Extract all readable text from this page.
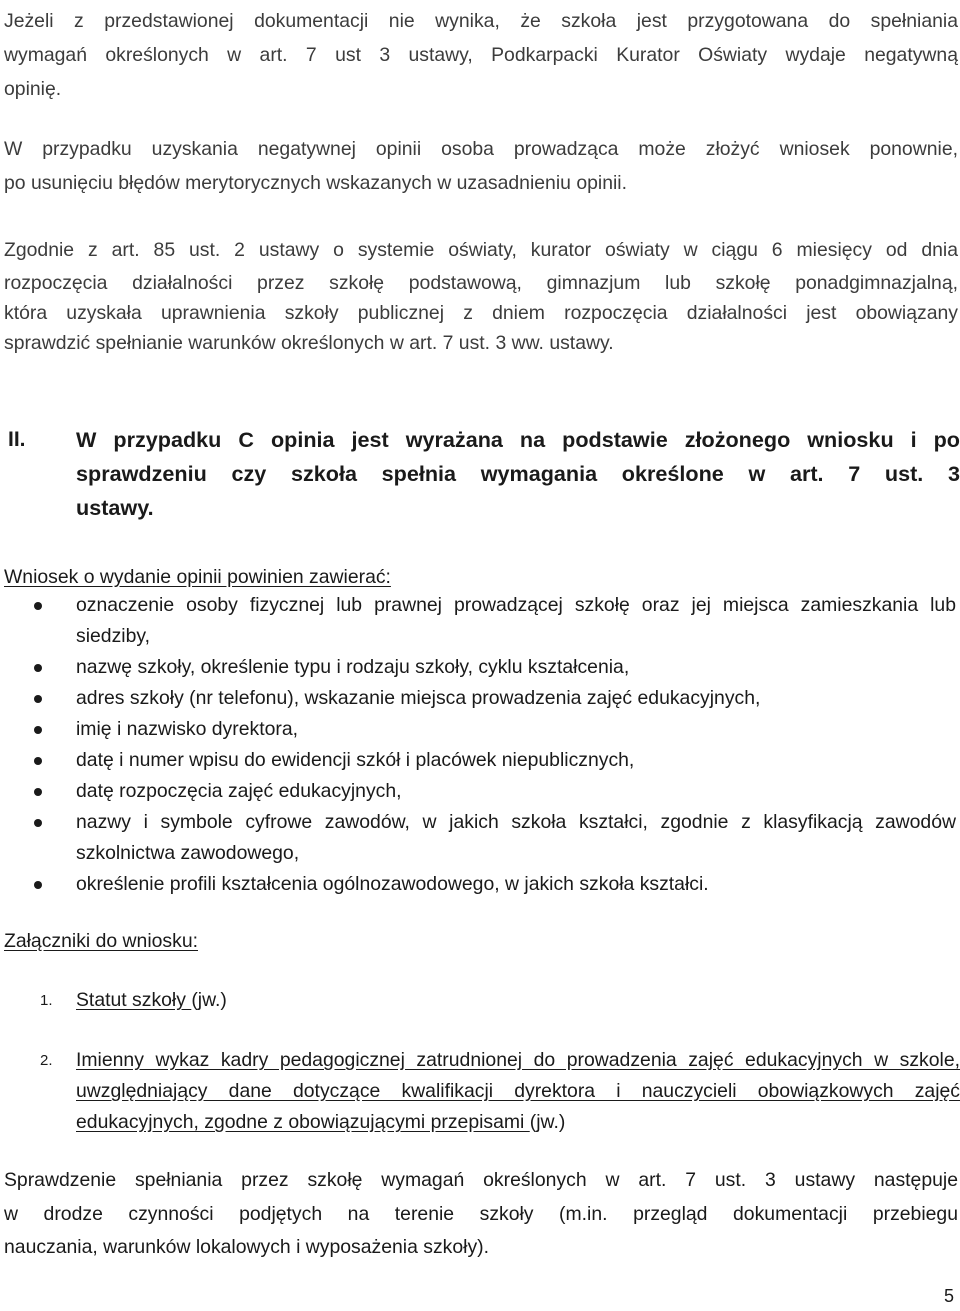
Jeżeli z przedstawionej dokumentacji nie wynika, że szkoła jest przygotowana do spełniania

wymagań określonych w art. 7 ust 3 ustawy, Podkarpacki Kurator Oświaty wydaje negatywną

opinię.

W przypadku uzyskania negatywnej opinii osoba prowadząca może złożyć wniosek ponownie,

po usunięciu błędów merytorycznych wskazanych w uzasadnieniu opinii.

Zgodnie z art. 85 ust. 2 ustawy o systemie oświaty, kurator oświaty w ciągu 6 miesięcy od dnia

rozpoczęcia działalności przez szkołę podstawową, gimnazjum lub szkołę ponadgimnazjalną,

która uzyskała uprawnienia szkoły publicznej z dniem rozpoczęcia działalności jest obowiązany

sprawdzić spełnianie warunków określonych w art. 7 ust. 3 ww. ustawy.

II. W przypadku C opinia jest wyrażana na podstawie złożonego wniosku i po
sprawdzeniu czy szkoła spełnia wymagania określone w art. 7 ust. 3
ustawy.
Wniosek o wydanie opinii powinien zawierać:
oznaczenie osoby fizycznej lub prawnej prowadzącej szkołę oraz jej miejsca zamieszkania lub siedziby,
nazwę szkoły, określenie typu i rodzaju szkoły, cyklu kształcenia,
adres szkoły (nr telefonu), wskazanie miejsca prowadzenia zajęć edukacyjnych,
imię i nazwisko dyrektora,
datę i numer wpisu do ewidencji szkół i placówek niepublicznych,
datę rozpoczęcia zajęć edukacyjnych,
nazwy i symbole cyfrowe zawodów, w jakich szkoła kształci, zgodnie z klasyfikacją zawodów szkolnictwa zawodowego,
określenie profili kształcenia ogólnozawodowego, w jakich szkoła kształci.
Załączniki do wniosku:
1. Statut szkoły (jw.)
2. Imienny wykaz kadry pedagogicznej zatrudnionej do prowadzenia zajęć edukacyjnych w szkole, uwzględniający dane dotyczące kwalifikacji dyrektora i nauczycieli obowiązkowych zajęć edukacyjnych, zgodne z obowiązującymi przepisami (jw.)

Sprawdzenie spełniania przez szkołę wymagań określonych w art. 7 ust. 3 ustawy następuje

w drodze czynności podjętych na terenie szkoły (m.in. przegląd dokumentacji przebiegu

nauczania, warunków lokalowych i wyposażenia szkoły).

5
